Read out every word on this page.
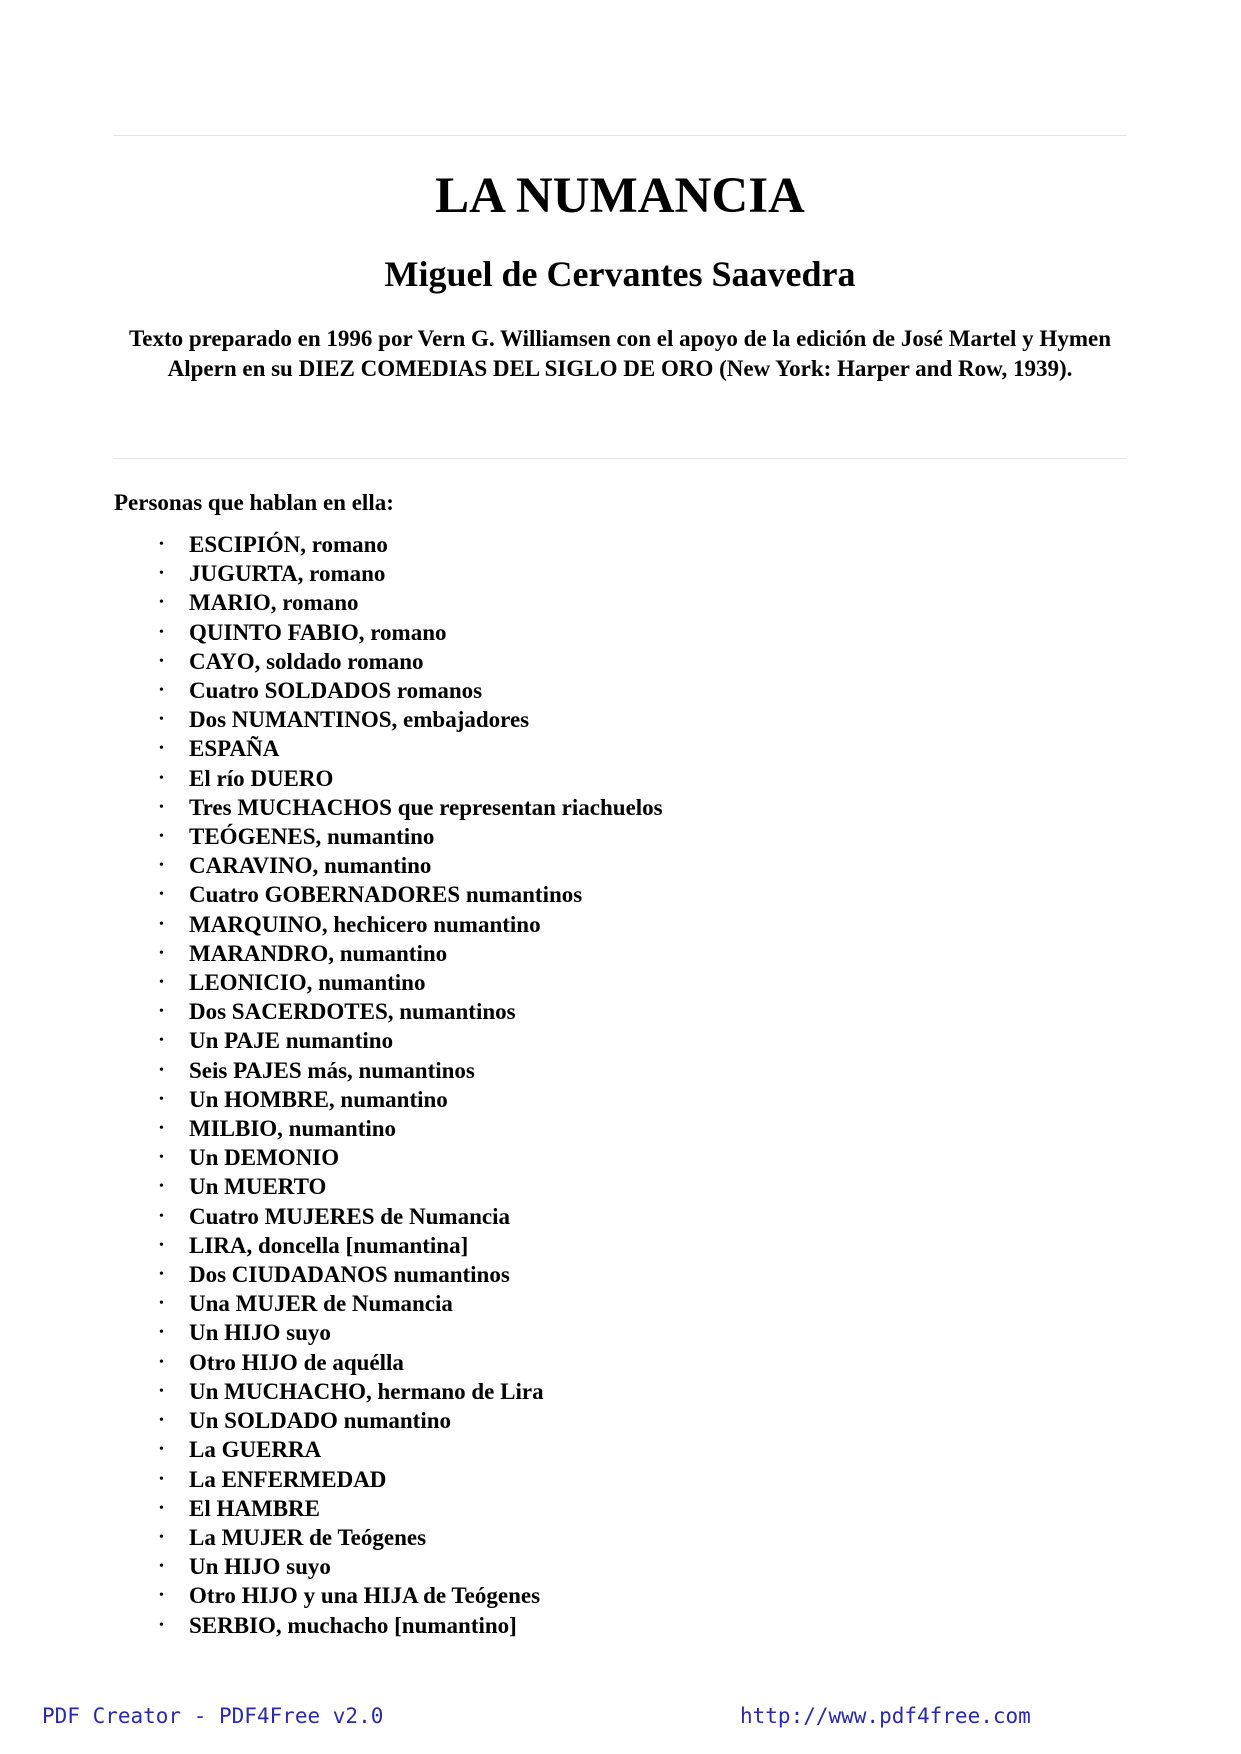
LA NUMANCIA
Miguel de Cervantes Saavedra

Texto preparado en 1996 por Vern G. Williamsen con el apoyo de la edición de José Martel y Hymen Alpern en su DIEZ COMEDIAS DEL SIGLO DE ORO (New York: Harper and Row, 1939).

Personas que hablan en ella:

• ESCIPIÓN, romano
• JUGURTA, romano
• MARIO, romano
• QUINTO FABIO, romano
• CAYO, soldado romano
• Cuatro SOLDADOS romanos
• Dos NUMANTINOS, embajadores
• ESPAÑA
• El río DUERO
• Tres MUCHACHOS que representan riachuelos
• TEÓGENES, numantino
• CARAVINO, numantino
• Cuatro GOBERNADORES numantinos
• MARQUINO, hechicero numantino
• MARANDRO, numantino
• LEONICIO, numantino
• Dos SACERDOTES, numantinos
• Un PAJE numantino
• Seis PAJES más, numantinos
• Un HOMBRE, numantino
• MILBIO, numantino
• Un DEMONIO
• Un MUERTO
• Cuatro MUJERES de Numancia
• LIRA, doncella [numantina]
• Dos CIUDADANOS numantinos
• Una MUJER de Numancia
• Un HIJO suyo
• Otro HIJO de aquélla
• Un MUCHACHO, hermano de Lira
• Un SOLDADO numantino
• La GUERRA
• La ENFERMEDAD
• El HAMBRE
• La MUJER de Teógenes
• Un HIJO suyo
• Otro HIJO y una HIJA de Teógenes
• SERBIO, muchacho [numantino]
PDF Creator - PDF4Free v2.0	http://www.pdf4free.com
